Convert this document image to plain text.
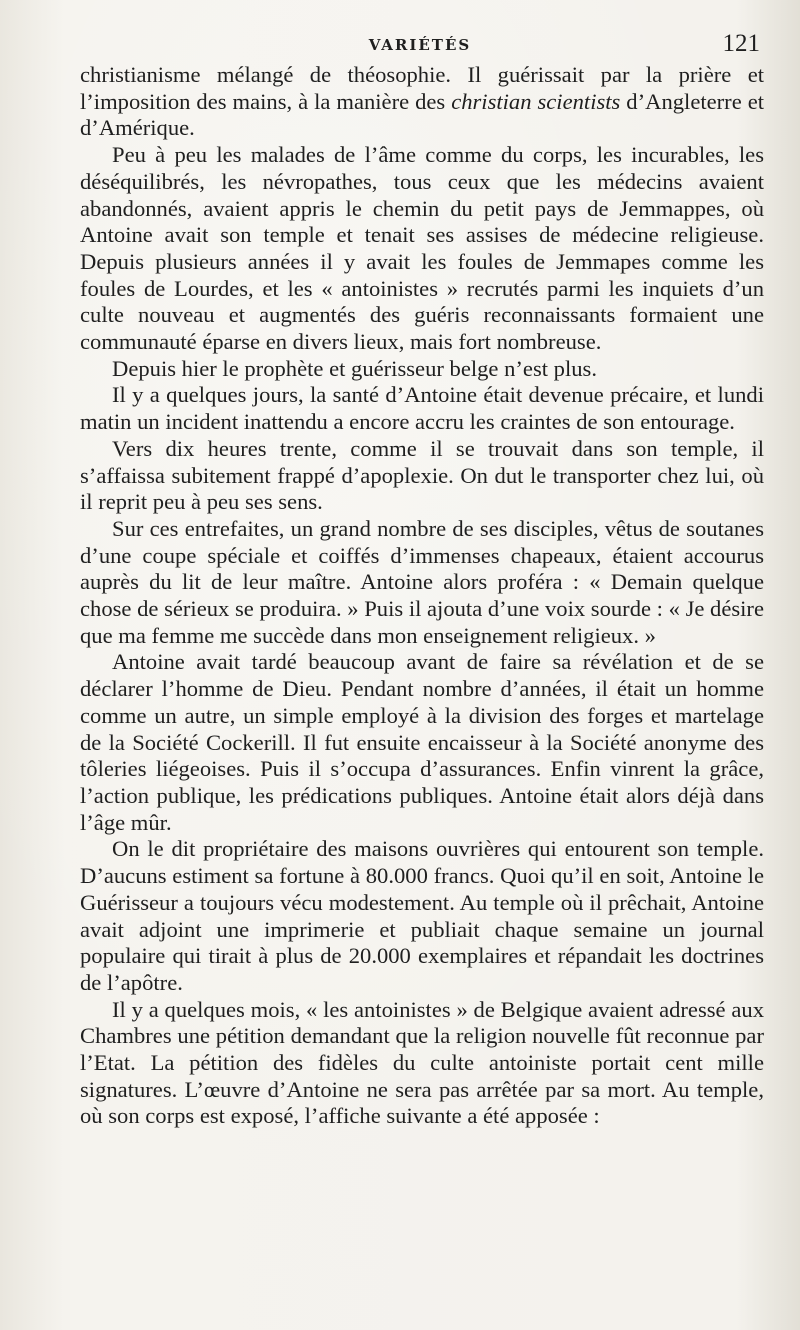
VARIÉTÉS	121

christianisme mélangé de théosophie. Il guérissait par la prière et l’imposition des mains, à la manière des christian scientists d’Angleterre et d’Amérique.

Peu à peu les malades de l’âme comme du corps, les incurables, les déséquilibrés, les névropathes, tous ceux que les médecins avaient abandonnés, avaient appris le chemin du petit pays de Jemmappes, où Antoine avait son temple et tenait ses assises de médecine religieuse. Depuis plusieurs années il y avait les foules de Jemmapes comme les foules de Lourdes, et les « antoinistes » recrutés parmi les inquiets d’un culte nouveau et augmentés des guéris reconnaissants formaient une communauté éparse en divers lieux, mais fort nombreuse.

Depuis hier le prophète et guérisseur belge n’est plus.

Il y a quelques jours, la santé d’Antoine était devenue précaire, et lundi matin un incident inattendu a encore accru les craintes de son entourage.

Vers dix heures trente, comme il se trouvait dans son temple, il s’affaissa subitement frappé d’apoplexie. On dut le transporter chez lui, où il reprit peu à peu ses sens.

Sur ces entrefaites, un grand nombre de ses disciples, vêtus de soutanes d’une coupe spéciale et coiffés d’immenses chapeaux, étaient accourus auprès du lit de leur maître. Antoine alors proféra : « Demain quelque chose de sérieux se produira. » Puis il ajouta d’une voix sourde : « Je désire que ma femme me succède dans mon enseignement religieux. »

Antoine avait tardé beaucoup avant de faire sa révélation et de se déclarer l’homme de Dieu. Pendant nombre d’années, il était un homme comme un autre, un simple employé à la division des forges et martelage de la Société Cockerill. Il fut ensuite encaisseur à la Société anonyme des tôleries liégeoises. Puis il s’occupa d’assurances. Enfin vinrent la grâce, l’action publique, les prédications publiques. Antoine était alors déjà dans l’âge mûr.

On le dit propriétaire des maisons ouvrières qui entourent son temple. D’aucuns estiment sa fortune à 80.000 francs. Quoi qu’il en soit, Antoine le Guérisseur a toujours vécu modestement. Au temple où il prêchait, Antoine avait adjoint une imprimerie et publiait chaque semaine un journal populaire qui tirait à plus de 20.000 exemplaires et répandait les doctrines de l’apôtre.

Il y a quelques mois, « les antoinistes » de Belgique avaient adressé aux Chambres une pétition demandant que la religion nouvelle fût reconnue par l’Etat. La pétition des fidèles du culte antoiniste portait cent mille signatures. L’œuvre d’Antoine ne sera pas arrêtée par sa mort. Au temple, où son corps est exposé, l’affiche suivante a été apposée :
